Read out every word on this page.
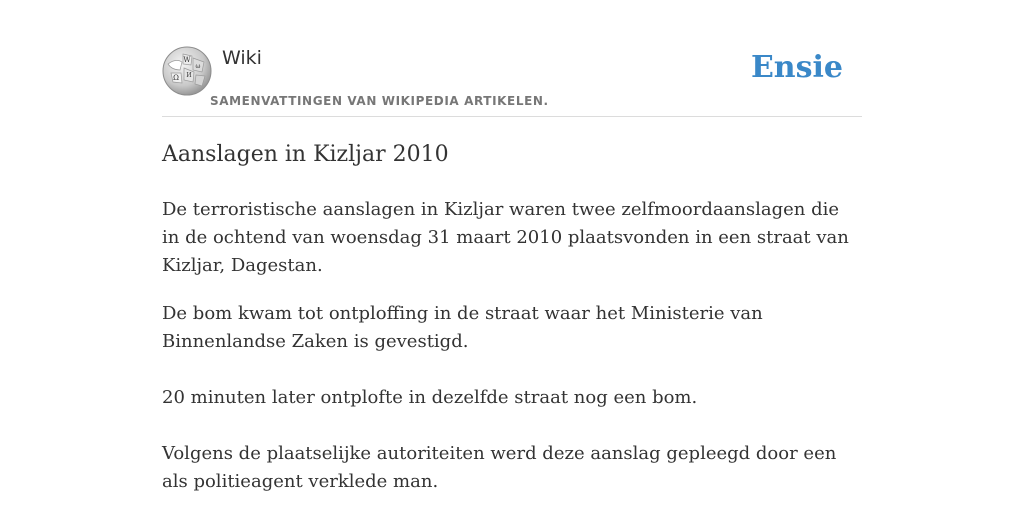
W
Ω И
ω Wiki
SAMENVATTINGEN VAN WIKIPEDIA ARTIKELEN.
Ensie
Aanslagen in Kizljar 2010

De terroristische aanslagen in Kizljar waren twee zelfmoordaanslagen die in de ochtend van woensdag 31 maart 2010 plaatsvonden in een straat van Kizljar, Dagestan.

De bom kwam tot ontploffing in de straat waar het Ministerie van Binnenlandse Zaken is gevestigd.

20 minuten later ontplofte in dezelfde straat nog een bom.

Volgens de plaatselijke autoriteiten werd deze aanslag gepleegd door een als politieagent verklede man.
